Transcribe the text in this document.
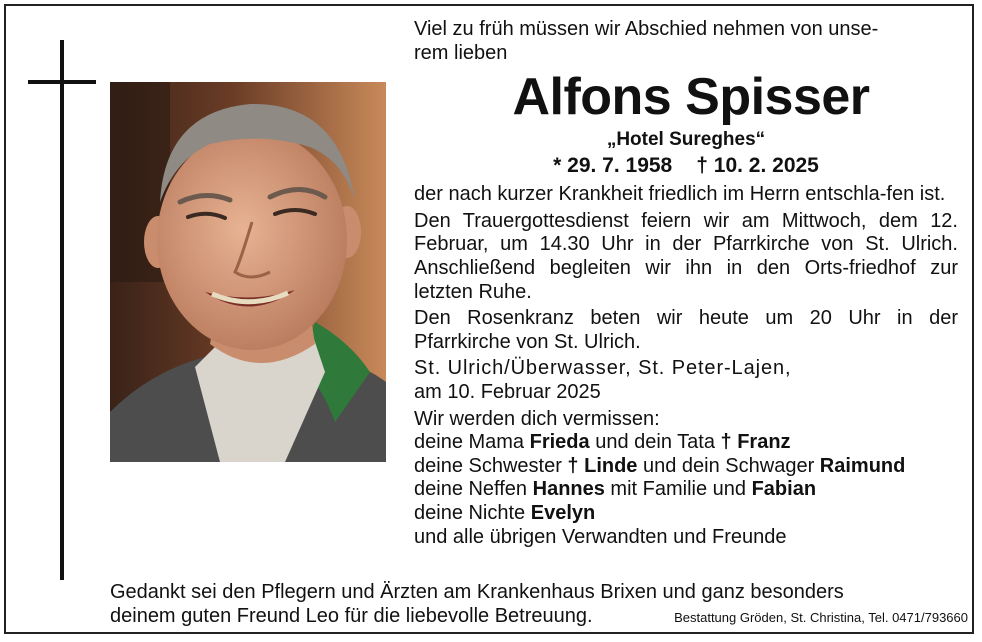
Viel zu früh müssen wir Abschied nehmen von unse-

rem lieben

Alfons Spisser

„Hotel Sureghes“

* 29. 7. 1958 † 10. 2. 2025

der nach kurzer Krankheit friedlich im Herrn entschla-fen ist.

Den Trauergottesdienst feiern wir am Mittwoch, dem 12. Februar, um 14.30 Uhr in der Pfarrkirche von St. Ulrich. Anschließend begleiten wir ihn in den Orts-friedhof zur letzten Ruhe.

Den Rosenkranz beten wir heute um 20 Uhr in der Pfarrkirche von St. Ulrich.

St. Ulrich/Überwasser, St. Peter-Lajen,

am 10. Februar 2025

Wir werden dich vermissen:

deine Mama Frieda und dein Tata † Franz

deine Schwester † Linde und dein Schwager Raimund

deine Neffen Hannes mit Familie und Fabian

deine Nichte Evelyn

und alle übrigen Verwandten und Freunde

Gedankt sei den Pflegern und Ärzten am Krankenhaus Brixen und ganz besonders

deinem guten Freund Leo für die liebevolle Betreuung.	Bestattung Gröden, St. Christina, Tel. 0471/793660
